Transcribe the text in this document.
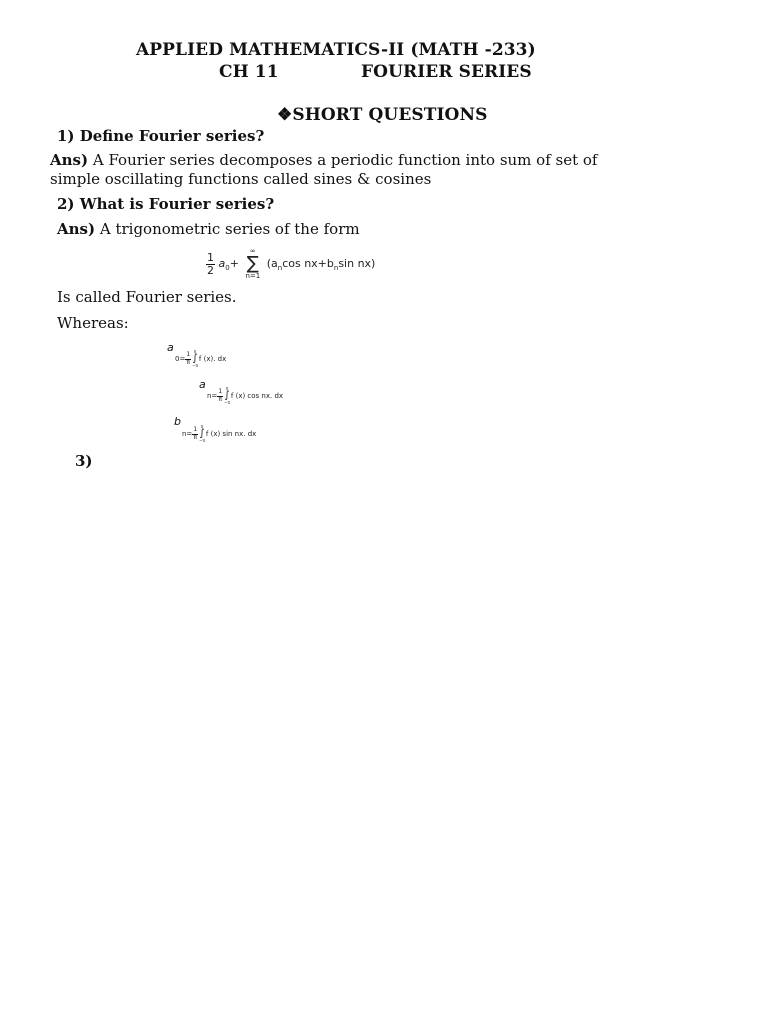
APPLIED MATHEMATICS-II (MATH -233)
CH 11	FOURIER SERIES
❖SHORT QUESTIONS
1) Define Fourier series?
Ans) A Fourier series decomposes a periodic function into sum of set of
simple oscillating functions called sines & cosines
2) What is Fourier series?
Ans) A trigonometric series of the form
$\frac{1}{2} a_0+$
∞
∑
n=1
($a_n\cos$ $nx+b_n\sin$ nx)
Is called Fourier series.
Whereas:
a
$0= \frac{1}{\pi}$
π
∫
−π
f (x). dx
a
$n= \frac{1}{\pi}$
π
∫
−π
f (x) cos nx. dx
b
$n= \frac{1}{\pi}$
π
∫
−π
f (x) sin nx. dx
3)
